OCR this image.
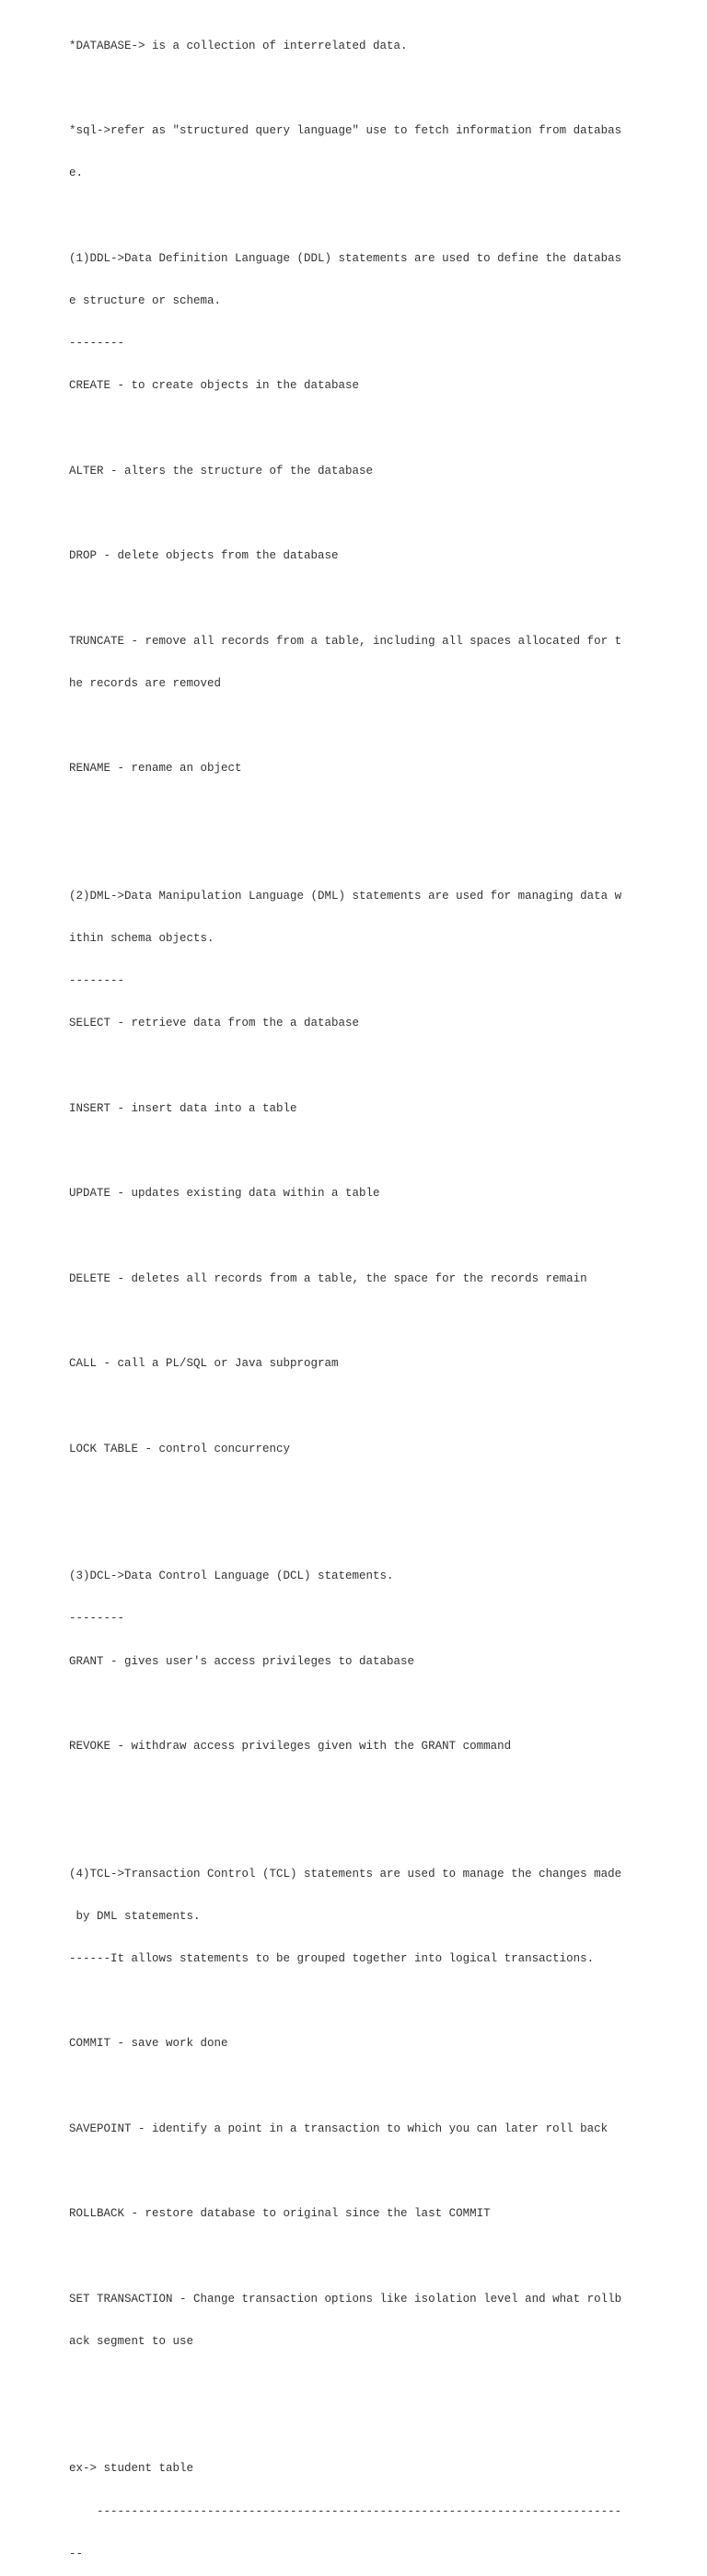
*DATABASE-> is a collection of interrelated data.

*sql->refer as "structured query language" use to fetch information from databas

e.

(1)DDL->Data Definition Language (DDL) statements are used to define the databas

e structure or schema.

--------

CREATE - to create objects in the database

ALTER - alters the structure of the database

DROP - delete objects from the database

TRUNCATE - remove all records from a table, including all spaces allocated for t

he records are removed

RENAME - rename an object

(2)DML->Data Manipulation Language (DML) statements are used for managing data w

ithin schema objects.

--------

SELECT - retrieve data from the a database

INSERT - insert data into a table

UPDATE - updates existing data within a table

DELETE - deletes all records from a table, the space for the records remain

CALL - call a PL/SQL or Java subprogram

LOCK TABLE - control concurrency

(3)DCL->Data Control Language (DCL) statements.

--------

GRANT - gives user's access privileges to database

REVOKE - withdraw access privileges given with the GRANT command

(4)TCL->Transaction Control (TCL) statements are used to manage the changes made

by DML statements.

------It allows statements to be grouped together into logical transactions.

COMMIT - save work done

SAVEPOINT - identify a point in a transaction to which you can later roll back

ROLLBACK - restore database to original since the last COMMIT

SET TRANSACTION - Change transaction options like isolation level and what rollb

ack segment to use

ex-> student table

----------------------------------------------------------------------------

--
